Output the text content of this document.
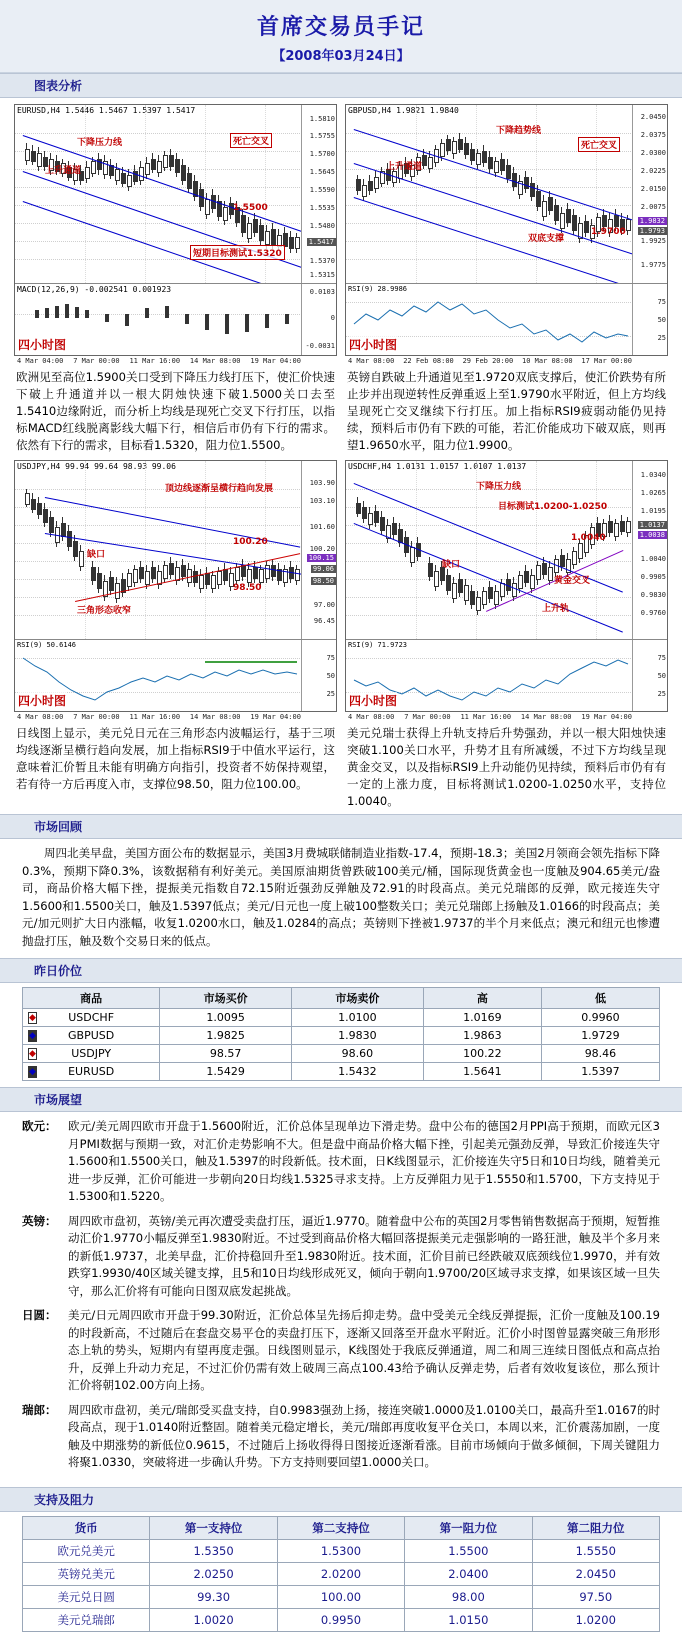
首席交易员手记
【2008年03月24日】
图表分析
EURUSD,H4 1.5446 1.5467 1.5397 1.5417
下降压力线	死亡交叉
上升通道
1.5500
短期目标测试1.5320
1.5810
1.5755
1.5700
1.5645
1.5590
1.5535
1.5480
1.5370
1.5315
1.5417
MACD(12,26,9) -0.002541 0.001923	0.0103
0
-0.0031
四小时图
4 Mar 04:00 7 Mar 00:00 11 Mar 16:00 14 Mar 08:00 19 Mar 04:00
欧洲见至高位1.5900关口受到下降压力线打压下，使汇价快速下破上升通道并以一根大阴烛快速下破1.5000关口去至1.5410边缘附近，而分析上均线是现死亡交叉下行打压，以指标MACD红线脱离影线大幅下行，相信后市仍有下行的需求。依然有下行的需求，目标看1.5320，阻力位1.5500。
GBPUSD,H4 1.9821 1.9840
下降趋势线
死亡交叉
上升通道
双底支撑
1.9700
2.0450
2.0375
2.0300
2.0225
2.0150
2.0075
1.9925
1.9775
1.9832
1.9793
RSI(9) 28.9986
75
50
25
四小时图
4 Mar 08:00 22 Feb 08:00 29 Feb 20:00 10 Mar 08:00 17 Mar 00:00
英镑自跌破上升通道见至1.9720双底支撑后，使汇价跌势有所止步并出现逆转性反弹重返上至1.9790水平附近，但上方均线呈现死亡交叉继续下行打压。加上指标RSI9疲弱动能仍见持续，预料后市仍有下跌的可能，若汇价能成功下破双底，则再望1.9650水平，阻力位1.9900。
USDJPY,H4 99.94 99.64 98.93 99.06
顶边线逐渐呈横行趋向发展
缺口
100.20
98.50
三角形态收窄
103.90
103.10
101.60
100.20
97.00
96.45
100.15
99.06
98.50
RSI(9) 50.6146
75
50
25
四小时图
4 Mar 08:00 7 Mar 00:00 11 Mar 16:00 14 Mar 08:00 19 Mar 04:00
日线图上显示，美元兑日元在三角形态内波幅运行，基于三项均线逐渐呈横行趋向发展，加上指标RSI9于中值水平运行，这意味着汇价暂且未能有明确方向指引，投资者不妨保持观望，若有待一方后再度入市，支撑位98.50，阻力位100.00。
USDCHF,H4 1.0131 1.0157 1.0107 1.0137
下降压力线
目标测试1.0200-1.0250
1.0040
缺口
黄金交叉
上升轨
1.0340
1.0265
1.0195
1.0040
0.9905
0.9830
0.9760
1.0137
1.0038
RSI(9) 71.9723
75
50
25
四小时图
4 Mar 08:00 7 Mar 00:00 11 Mar 16:00 14 Mar 08:00 19 Mar 04:00
美元兑瑞士获得上升轨支持后升势强劲，并以一根大阳烛快速突破1.100关口水平，升势才且有所减缓，不过下方均线呈现黄金交叉，以及指标RSI9上升动能仍见持续，预料后市仍有有一定的上涨力度，目标将测试1.0200-1.0250水平，支持位1.0040。
市场回顾
周四北美早盘，美国方面公布的数据显示，美国3月费城联储制造业指数-17.4，预期-18.3；美国2月领商会领先指标下降0.3%，预期下降0.3%，该数据稍有利好美元。美国原油期货曾跌破100美元/桶，国际现货黄金也一度触及904.65美元/盎司，商品价格大幅下挫，提振美元指数自72.15附近强劲反弹触及72.91的时段高点。美元兑瑞郎的反弹，欧元接连失守1.5600和1.5500关口，触及1.5397低点；美元/日元也一度上破100整数关口；美元兑瑞郎上扬触及1.0166的时段高点；美元/加元则扩大日内涨幅，收复1.0200水口，触及1.0284的高点；英镑则下挫被1.9737的半个月来低点；澳元和纽元也惨遭抛盘打压，触及数个交易日来的低点。
昨日价位
商品	市场买价	市场卖价	高	低

◆ USDCHF	1.0095	1.0100	1.0169	0.9960

◆ GBPUSD	1.9825	1.9830	1.9863	1.9729

◆ USDJPY	98.57	98.60	100.22	98.46

◆ EURUSD	1.5429	1.5432	1.5641	1.5397
市场展望
欧元：	欧元/美元周四欧市开盘于1.5600附近，汇价总体呈现单边下滑走势。盘中公布的德国2月PPI高于预期，而欧元区3月PMI数据与预期一致，对汇价走势影响不大。但是盘中商品价格大幅下挫，引起美元强劲反弹，导致汇价接连失守1.5600和1.5500关口，触及1.5397的时段新低。技术面，日K线图显示，汇价接连失守5日和10日均线，随着美元进一步反弹，汇价可能进一步朝向20日均线1.5325寻求支持。上方反弹阻力见于1.5550和1.5700，下方支持见于1.5300和1.5220。
英镑：	周四欧市盘初，英镑/美元再次遭受卖盘打压，逼近1.9770。随着盘中公布的英国2月零售销售数据高于预期，短暂推动汇价1.9770小幅反弹至1.9830附近。不过受到商品价格大幅回落提振美元走强影响的一路狂泄，触及半个多月来的新低1.9737，北美早盘，汇价持稳回升至1.9830附近。技术面，汇价目前已经跌破双底颈线位1.9970，并有效跌穿1.9930/40区域关键支撑，且5和10日均线形成死叉，倾向于朝向1.9700/20区域寻求支撑，如果该区域一旦失守，那么汇价将有可能向日图双底发起挑战。
日圆：	美元/日元周四欧市开盘于99.30附近，汇价总体呈先扬后抑走势。盘中受美元全线反弹提振，汇价一度触及100.19的时段新高，不过随后在套盘交易平仓的卖盘打压下，逐渐又回落至开盘水平附近。汇价小时图曾显露突破三角形形态上轨的势头，短期内有望再度走强。日线图则显示，K线图处于我底反弹通道，周二和周三连续日图低点和高点抬升，反弹上升动力充足，不过汇价仍需有效上破周三高点100.43给予确认反弹走势，后者有效收复该位，那么预计汇价将朝102.00方向上扬。
瑞郎：	周四欧市盘初，美元/瑞郎受买盘支持，自0.9983强劲上扬，接连突破1.0000及1.0100关口，最高升至1.0167的时段高点，现于1.0140附近整固。随着美元稳定增长，美元/瑞郎再度收复平仓关口，本周以来，汇价震荡加剧，一度触及中期涨势的新低位0.9615，不过随后上扬收得得日图接近逐渐看涨。目前市场倾向于做多倾徊，下周关键阻力将聚1.0330，突破将进一步确认升势。下方支持则要回望1.0000关口。
支持及阻力
货币	第一支持位	第二支持位	第一阻力位	第二阻力位
欧元兑美元	1.5350	1.5300	1.5500	1.5550
英镑兑美元	2.0250	2.0200	2.0400	2.0450
美元兑日圆	99.30	100.00	98.00	97.50
美元兑瑞郎	1.0020	0.9950	1.0150	1.0200
